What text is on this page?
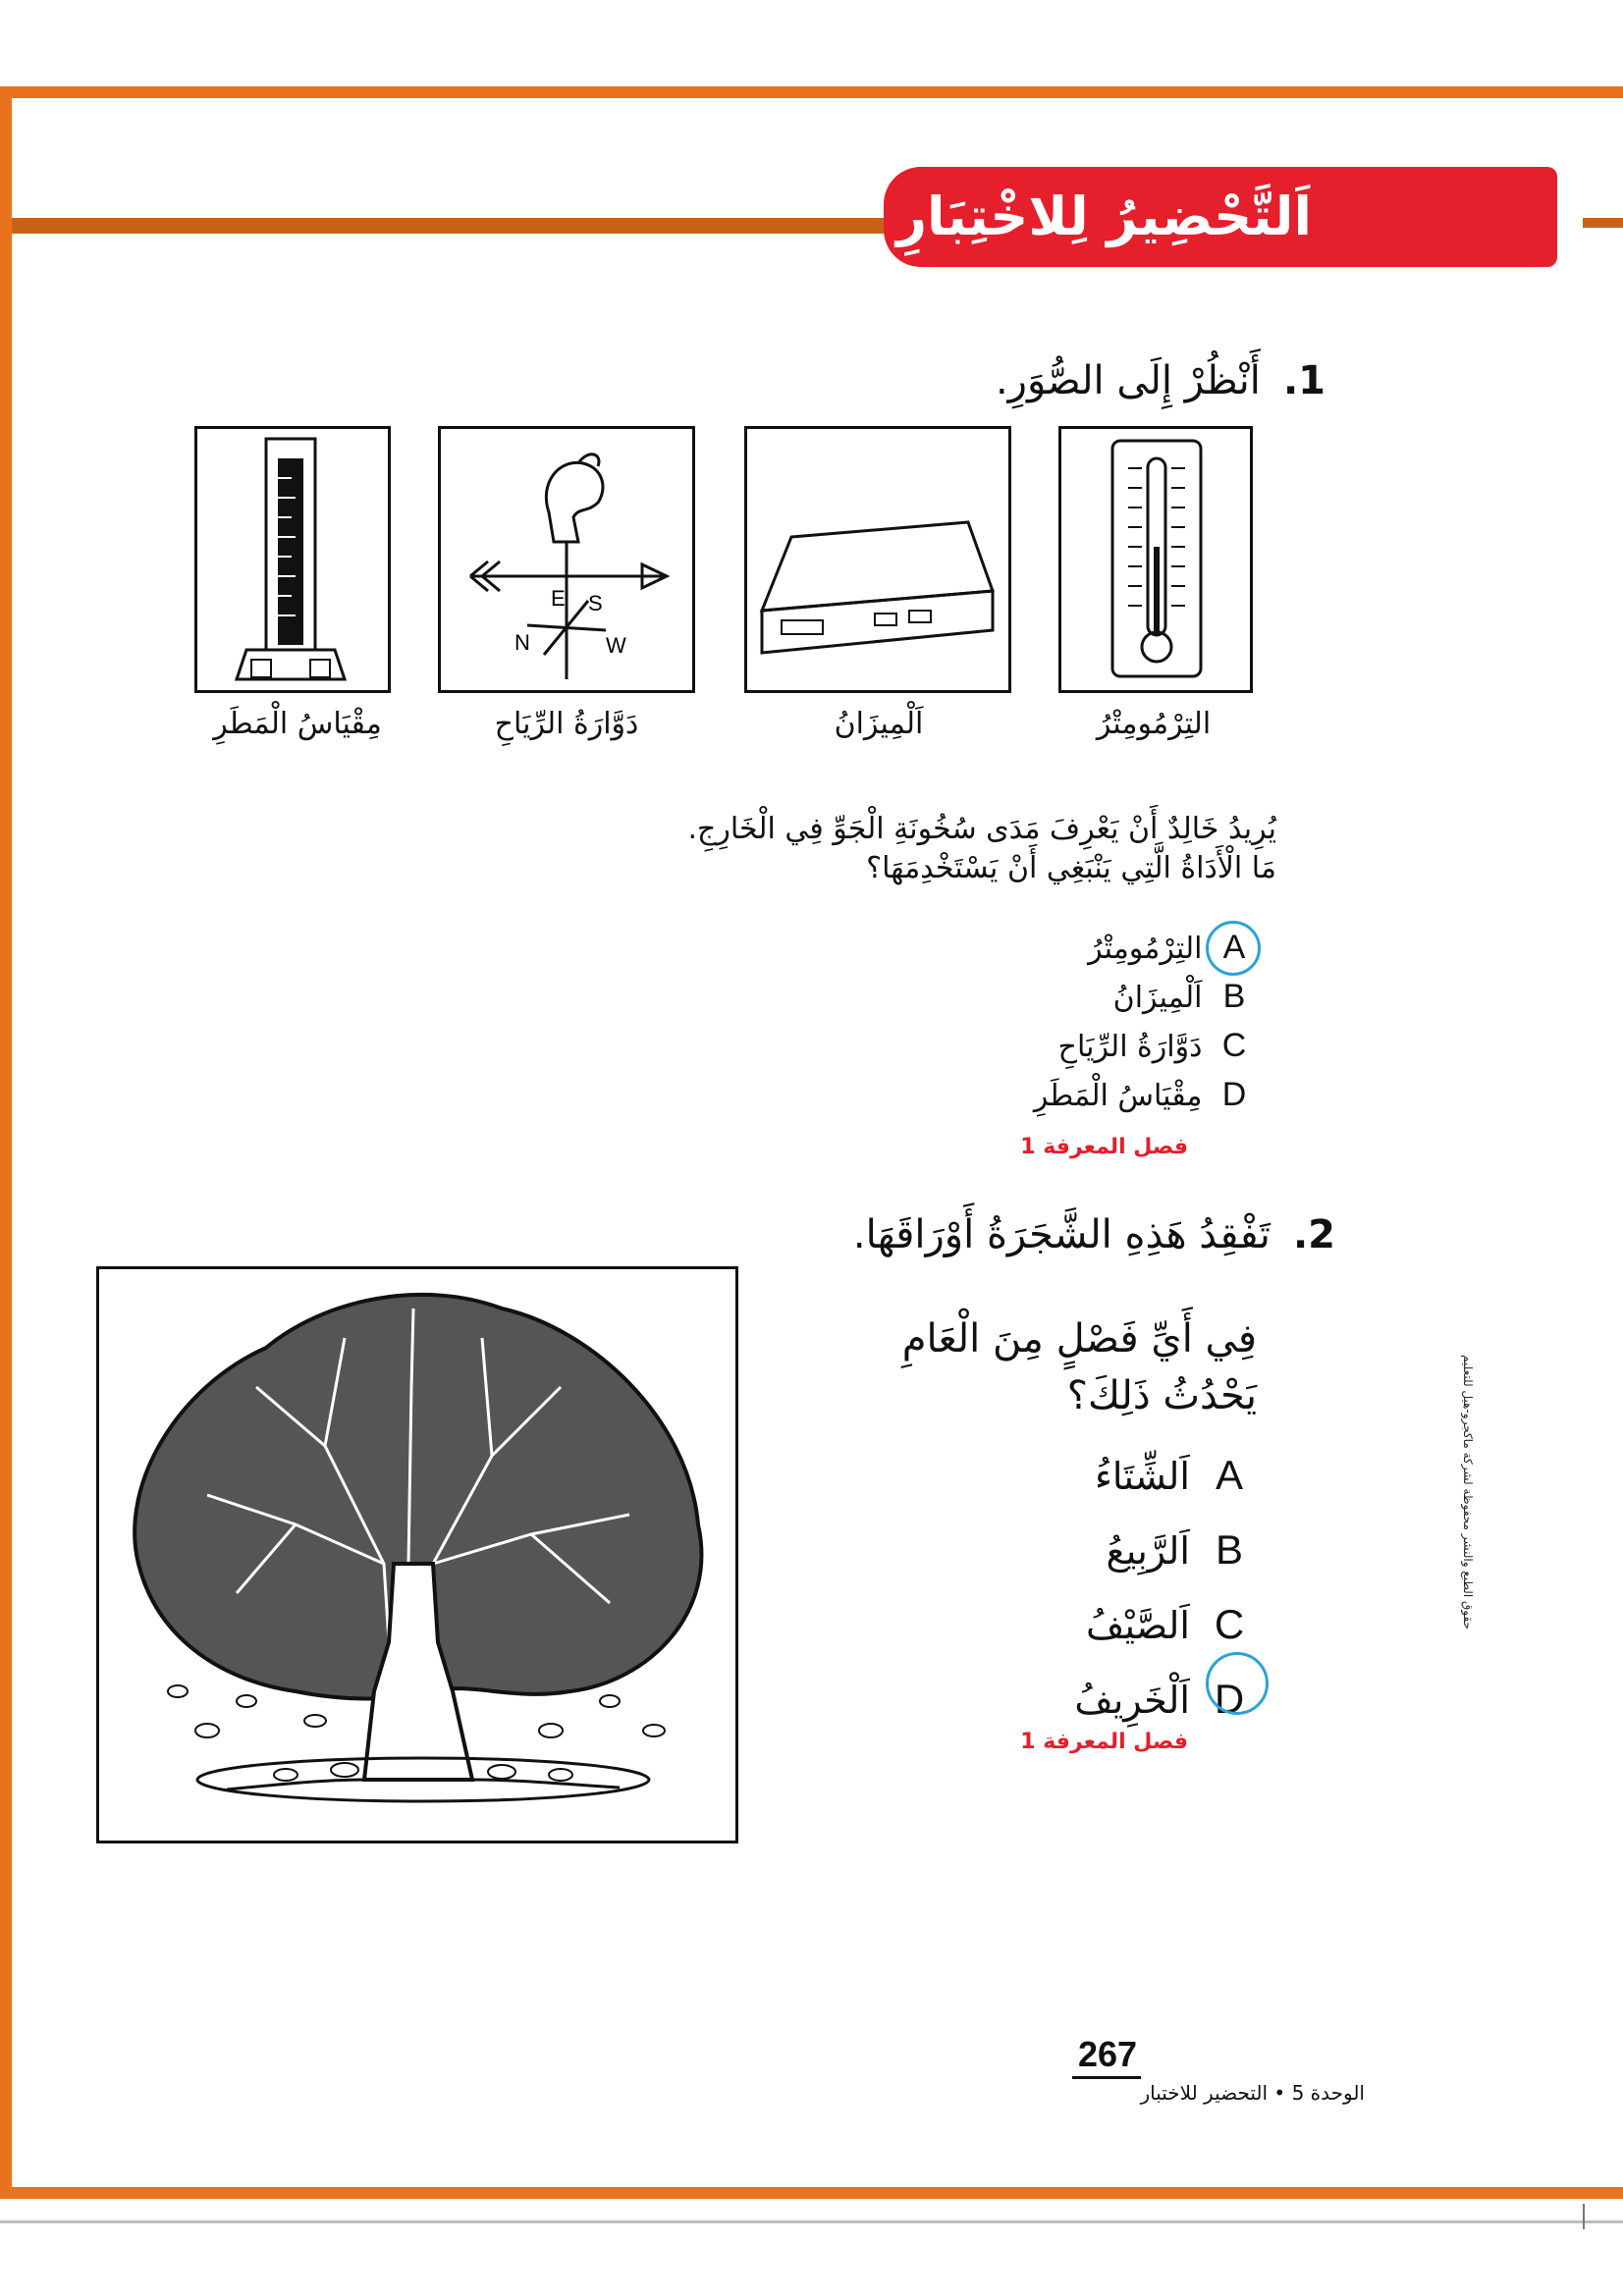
اَلتَّحْضِيرُ لِلاخْتِبَارِ
1. أَنْظُرْ إِلَى الصُّوَرِ.
E S
N	W
التِرْمُومِتْرُ
اَلْمِيزَانُ
دَوَّارَةُ الرِّيَاحِ
مِقْيَاسُ الْمَطَرِ
يُرِيدُ خَالِدٌ أَنْ يَعْرِفَ مَدَى سُخُونَةِ الْجَوِّ فِي الْخَارِجِ.
مَا الْأَدَاةُ الَّتِي يَنْبَغِي أَنْ يَسْتَخْدِمَهَا؟
A التِرْمُومِتْرُ
B اَلْمِيزَانُ
C دَوَّارَةُ الرِّيَاحِ
D مِقْيَاسُ الْمَطَرِ
فصل المعرفة 1
2. تَفْقِدُ هَذِهِ الشَّجَرَةُ أَوْرَاقَهَا.
فِي أَيِّ فَصْلٍ مِنَ الْعَامِ
يَحْدُثُ ذَلِكَ؟
A اَلشِّتَاءُ
B اَلرَّبِيعُ
C اَلصَّيْفُ
D اَلْخَرِيفُ
فصل المعرفة 1
حقوق الطبع والنشر محفوظة لشركة ماكجرو-هيل للتعليم
267
الوحدة 5 • التحضير للاختبار
